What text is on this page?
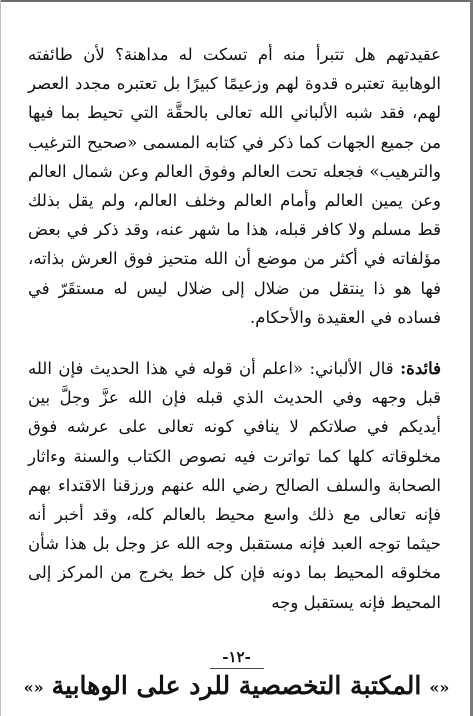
عقيدتهم هل تتبرأ منه أم تسكت له مداهنة؟ لأن طائفته الوهابية تعتبره قدوة لهم وزعيمًا كبيرًا بل تعتبره مجدد العصر لهم، فقد شبه الألباني الله تعالى بالحقَّة التي تحيط بما فيها من جميع الجهات كما ذكر في كتابه المسمى «صحيح الترغيب والترهيب» فجعله تحت العالم وفوق العالم وعن شمال العالم وعن يمين العالم وأمام العالم وخلف العالم، ولم يقل بذلك قط مسلم ولا كافر قبله، هذا ما شهر عنه، وقد ذكر في بعض مؤلفاته في أكثر من موضع أن الله متحيز فوق العرش بذاته، فها هو ذا ينتقل من ضلال إلى ضلال ليس له مستقَرّ في فساده في العقيدة والأحكام.

فائدة: قال الألباني: «اعلم أن قوله في هذا الحديث فإن الله قبل وجهه وفي الحديث الذي قبله فإن الله عزَّ وجلَّ بين أيديكم في صلاتكم لا ينافي كونه تعالى على عرشه فوق مخلوقاته كلها كما تواترت فيه نصوص الكتاب والسنة وءاثار الصحابة والسلف الصالح رضي الله عنهم ورزقنا الاقتداء بهم فإنه تعالى مع ذلك واسع محيط بالعالم كله، وقد أخبر أنه حيثما توجه العبد فإنه مستقبل وجه الله عز وجل بل هذا شأن مخلوقه المحيط بما دونه فإن كل خط يخرج من المركز إلى المحيط فإنه يستقبل وجه

-١٢-
«»المكتبة التخصصية للرد على الوهابية«»
